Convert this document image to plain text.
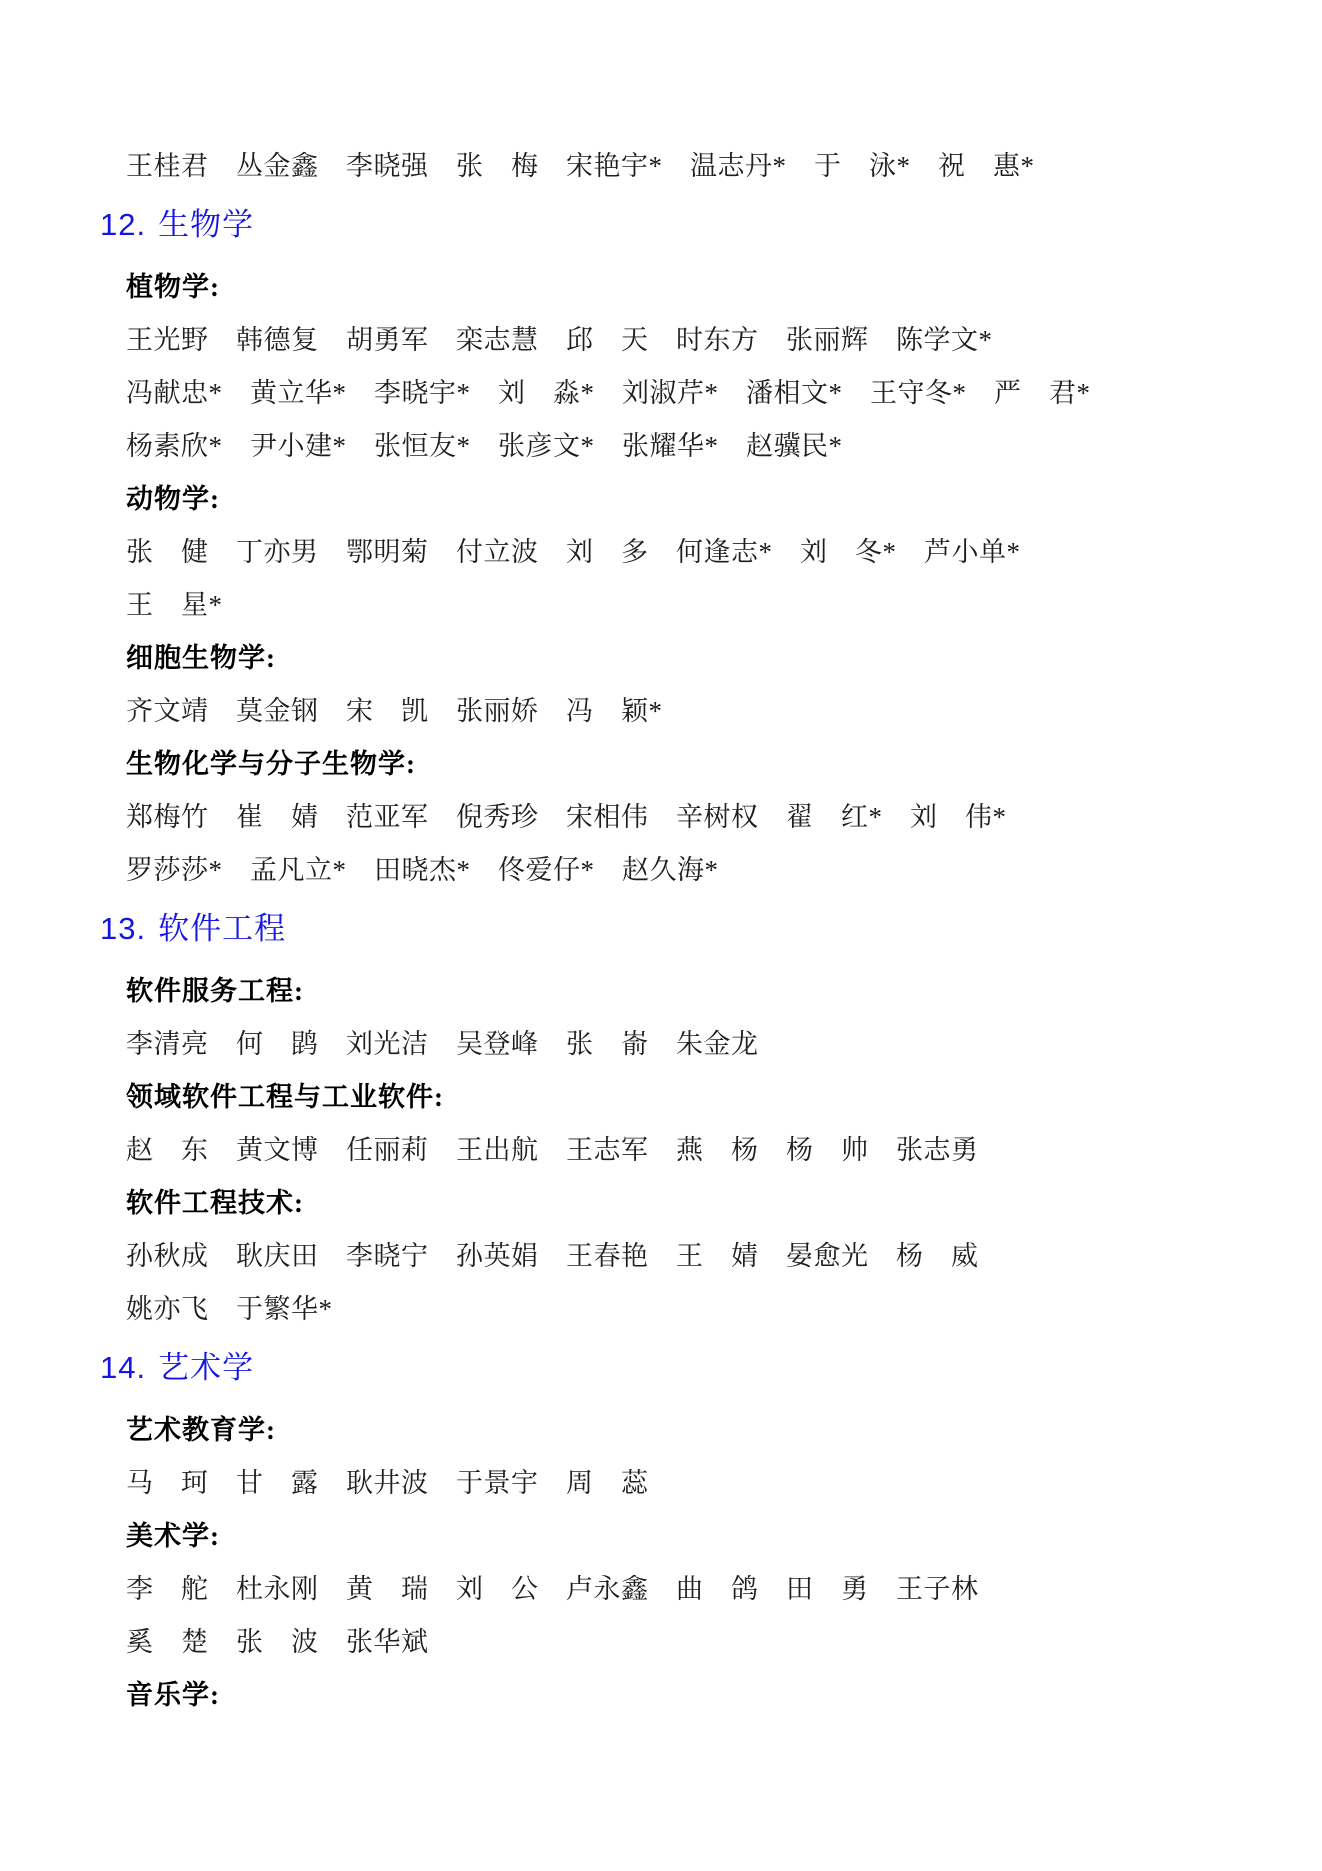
王桂君　丛金鑫　李晓强　张　梅　宋艳宇*　温志丹*　于　泳*　祝　惠*
12. 生物学
植物学:
王光野　韩德复　胡勇军　栾志慧　邱　天　时东方　张丽辉　陈学文*
冯献忠*　黄立华*　李晓宇*　刘　淼*　刘淑芹*　潘相文*　王守冬*　严　君*
杨素欣*　尹小建*　张恒友*　张彦文*　张耀华*　赵骥民*
动物学:
张　健　丁亦男　鄂明菊　付立波　刘　多　何逢志*　刘　冬*　芦小单*
王　星*
细胞生物学:
齐文靖　莫金钢　宋　凯　张丽娇　冯　颖*
生物化学与分子生物学:
郑梅竹　崔　婧　范亚军　倪秀珍　宋相伟　辛树权　翟　红*　刘　伟*
罗莎莎*　孟凡立*　田晓杰*　佟爱仔*　赵久海*
13. 软件工程
软件服务工程:
李清亮　何　鹍　刘光洁　吴登峰　张　嵛　朱金龙
领域软件工程与工业软件:
赵　东　黄文博　任丽莉　王出航　王志军　燕　杨　杨　帅　张志勇
软件工程技术:
孙秋成　耿庆田　李晓宁　孙英娟　王春艳　王　婧　晏愈光　杨　威
姚亦飞　于繁华*
14. 艺术学
艺术教育学:
马　珂　甘　露　耿井波　于景宇　周　蕊
美术学:
李　舵　杜永刚　黄　瑞　刘　公　卢永鑫　曲　鸽　田　勇　王子林
奚　楚　张　波　张华斌
音乐学:
